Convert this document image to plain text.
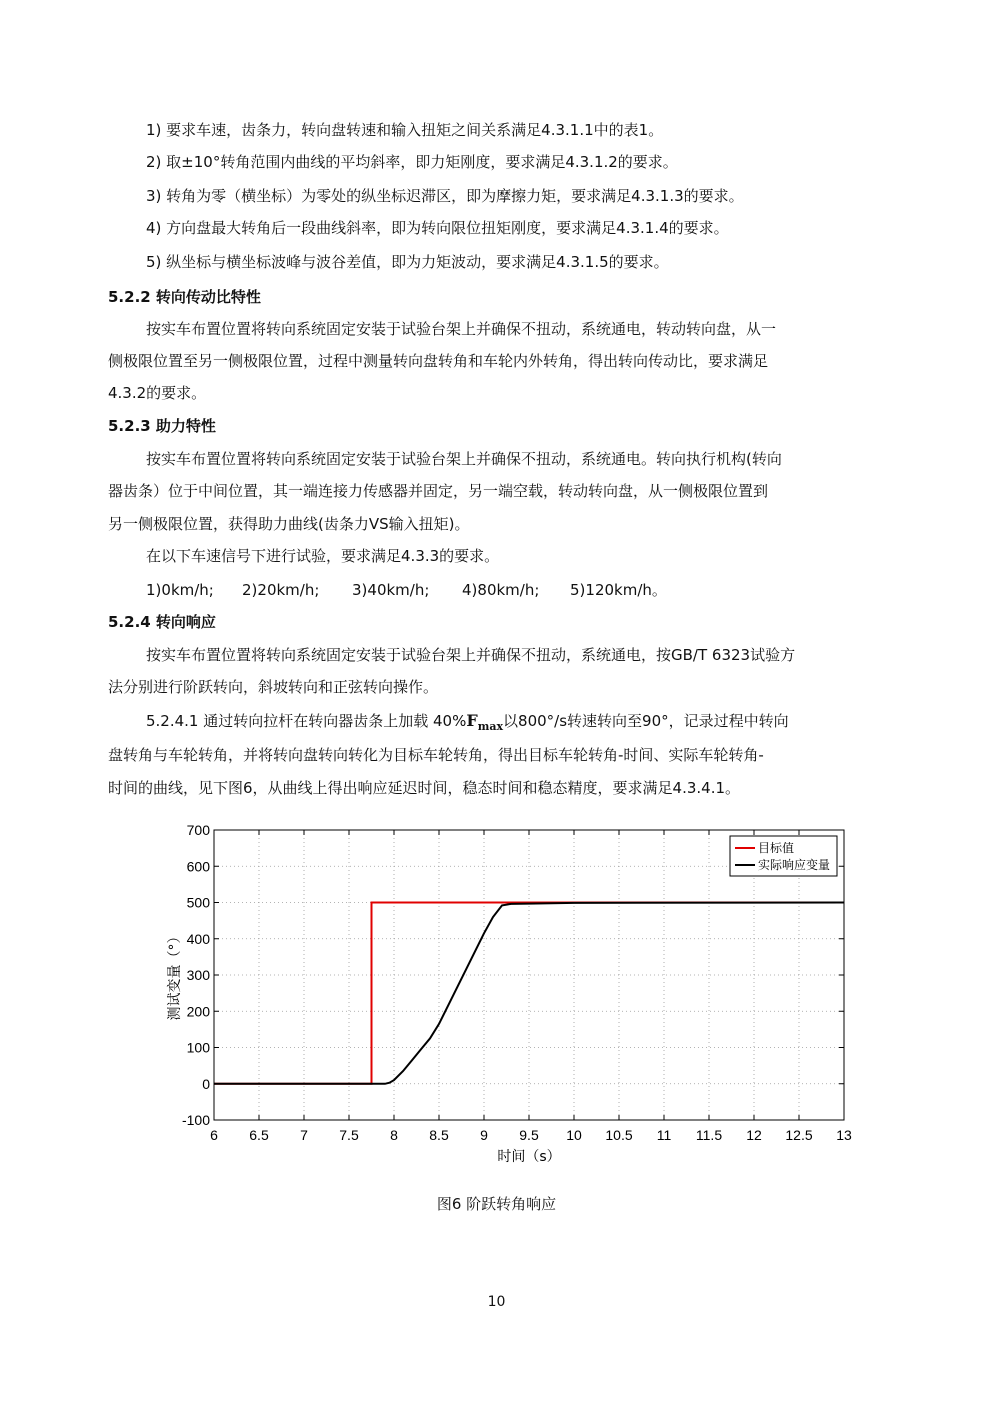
1) 要求车速，齿条力，转向盘转速和输入扭矩之间关系满足4.3.1.1中的表1。
2) 取±10°转角范围内曲线的平均斜率，即力矩刚度，要求满足4.3.1.2的要求。
3) 转角为零（横坐标）为零处的纵坐标迟滞区，即为摩擦力矩，要求满足4.3.1.3的要求。
4) 方向盘最大转角后一段曲线斜率，即为转向限位扭矩刚度，要求满足4.3.1.4的要求。
5) 纵坐标与横坐标波峰与波谷差值，即为力矩波动，要求满足4.3.1.5的要求。
5.2.2 转向传动比特性
按实车布置位置将转向系统固定安装于试验台架上并确保不扭动，系统通电，转动转向盘，从一
侧极限位置至另一侧极限位置，过程中测量转向盘转角和车轮内外转角，得出转向传动比，要求满足
4.3.2的要求。
5.2.3 助力特性
按实车布置位置将转向系统固定安装于试验台架上并确保不扭动，系统通电。转向执行机构(转向
器齿条）位于中间位置，其一端连接力传感器并固定，另一端空载，转动转向盘，从一侧极限位置到
另一侧极限位置，获得助力曲线(齿条力VS输入扭矩)。
在以下车速信号下进行试验，要求满足4.3.3的要求。
1)0km/h; 2)20km/h; 3)40km/h; 4)80km/h; 5)120km/h。
5.2.4 转向响应
按实车布置位置将转向系统固定安装于试验台架上并确保不扭动，系统通电，按GB/T 6323试验方
法分别进行阶跃转向，斜坡转向和正弦转向操作。
5.2.4.1 通过转向拉杆在转向器齿条上加载 $40\%F_{max}$以800°/s转速转向至90°，记录过程中转向
盘转角与车轮转角，并将转向盘转向转化为目标车轮转角，得出目标车轮转角-时间、实际车轮转角-
时间的曲线，见下图6，从曲线上得出响应延迟时间，稳态时间和稳态精度，要求满足4.3.4.1。
6 6.5 7 7.5 8 8.5 9 9.5 10 10.5 11 11.5 12 12.5 13
-100
0
100
200
300
400
500
600
700
时间（s）
测试变量（°）
目标值
实际响应变量
图6 阶跃转角响应
10
